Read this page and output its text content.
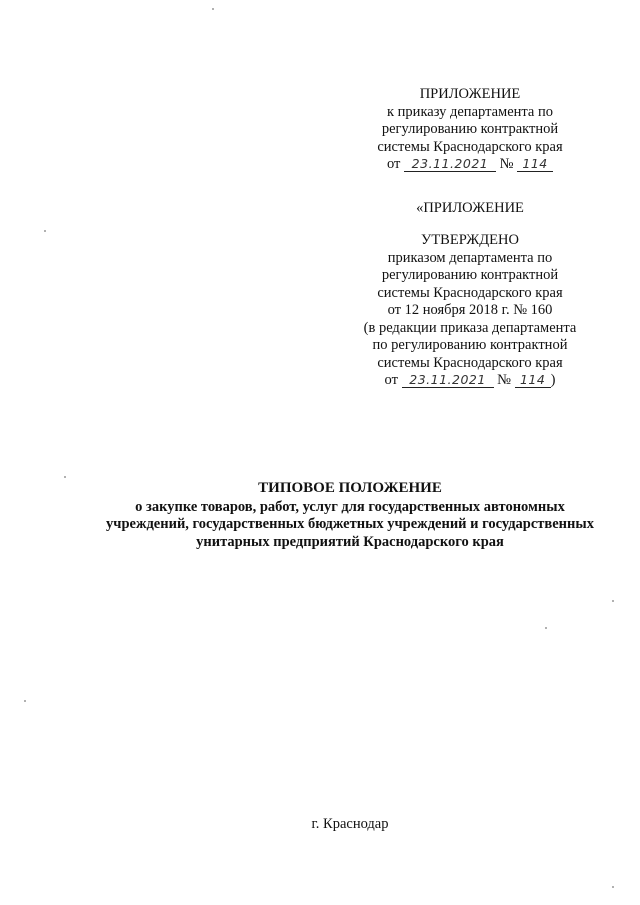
ПРИЛОЖЕНИЕ
к приказу департамента по
регулированию контрактной
системы Краснодарского края
от 23.11.2021 № 114
«ПРИЛОЖЕНИЕ
УТВЕРЖДЕНО
приказом департамента по
регулированию контрактной
системы Краснодарского края
от 12 ноября 2018 г. № 160
(в редакции приказа департамента
по регулированию контрактной
системы Краснодарского края
от 23.11.2021 № 114 )
ТИПОВОЕ ПОЛОЖЕНИЕ
о закупке товаров, работ, услуг для государственных автономных
учреждений, государственных бюджетных учреждений и государственных
унитарных предприятий Краснодарского края
г. Краснодар
